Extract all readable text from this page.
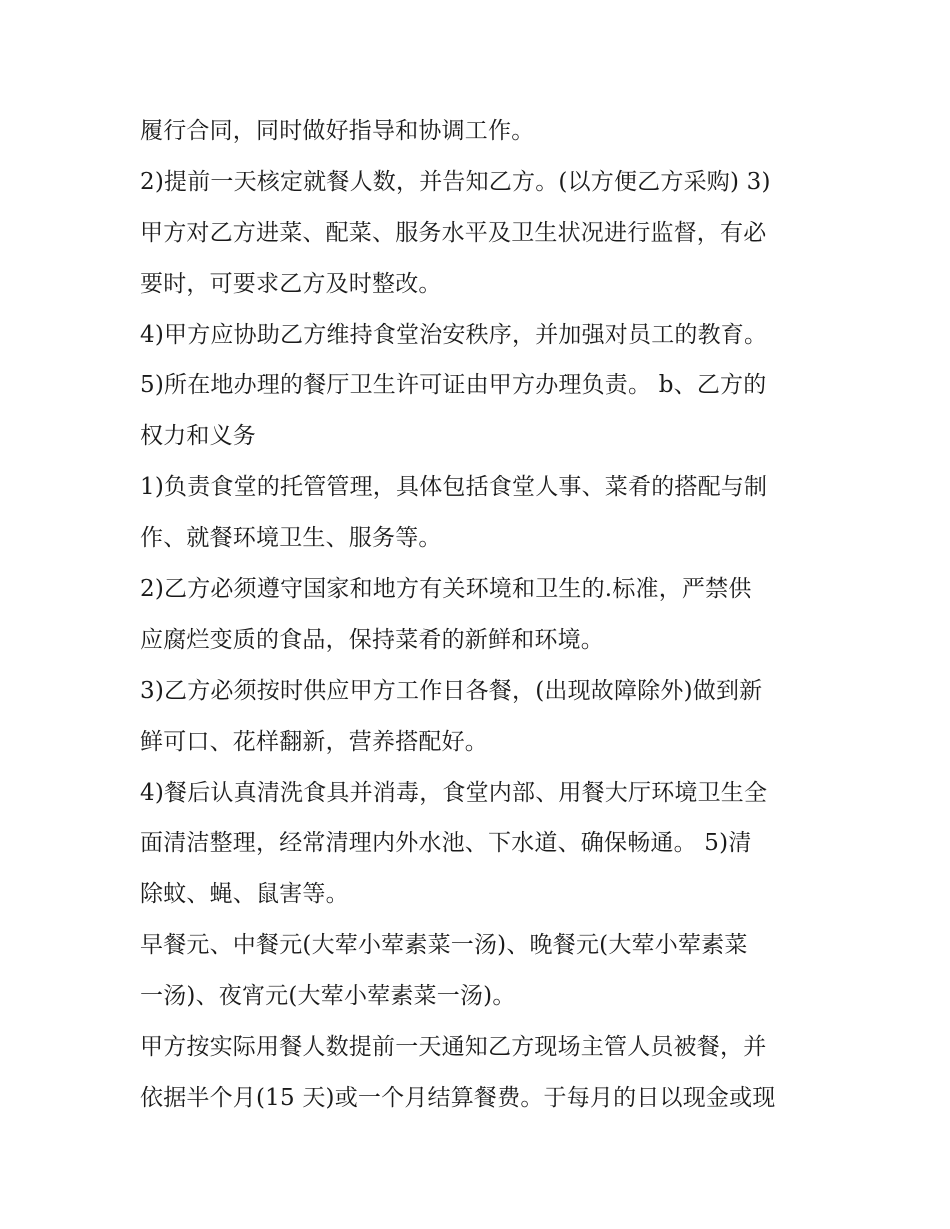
履行合同，同时做好指导和协调工作。
2)提前一天核定就餐人数，并告知乙方。(以方便乙方采购) 3)
甲方对乙方进菜、配菜、服务水平及卫生状况进行监督，有必
要时，可要求乙方及时整改。
4)甲方应协助乙方维持食堂治安秩序，并加强对员工的教育。
5)所在地办理的餐厅卫生许可证由甲方办理负责。 b、乙方的
权力和义务
1)负责食堂的托管管理，具体包括食堂人事、菜肴的搭配与制
作、就餐环境卫生、服务等。
2)乙方必须遵守国家和地方有关环境和卫生的.标准，严禁供
应腐烂变质的食品，保持菜肴的新鲜和环境。
3)乙方必须按时供应甲方工作日各餐，(出现故障除外)做到新
鲜可口、花样翻新，营养搭配好。
4)餐后认真清洗食具并消毒，食堂内部、用餐大厅环境卫生全
面清洁整理，经常清理内外水池、下水道、确保畅通。 5)清
除蚊、蝇、鼠害等。
早餐元、中餐元(大荤小荤素菜一汤)、晚餐元(大荤小荤素菜
一汤)、夜宵元(大荤小荤素菜一汤)。
甲方按实际用餐人数提前一天通知乙方现场主管人员被餐，并
依据半个月(15 天)或一个月结算餐费。于每月的日以现金或现
